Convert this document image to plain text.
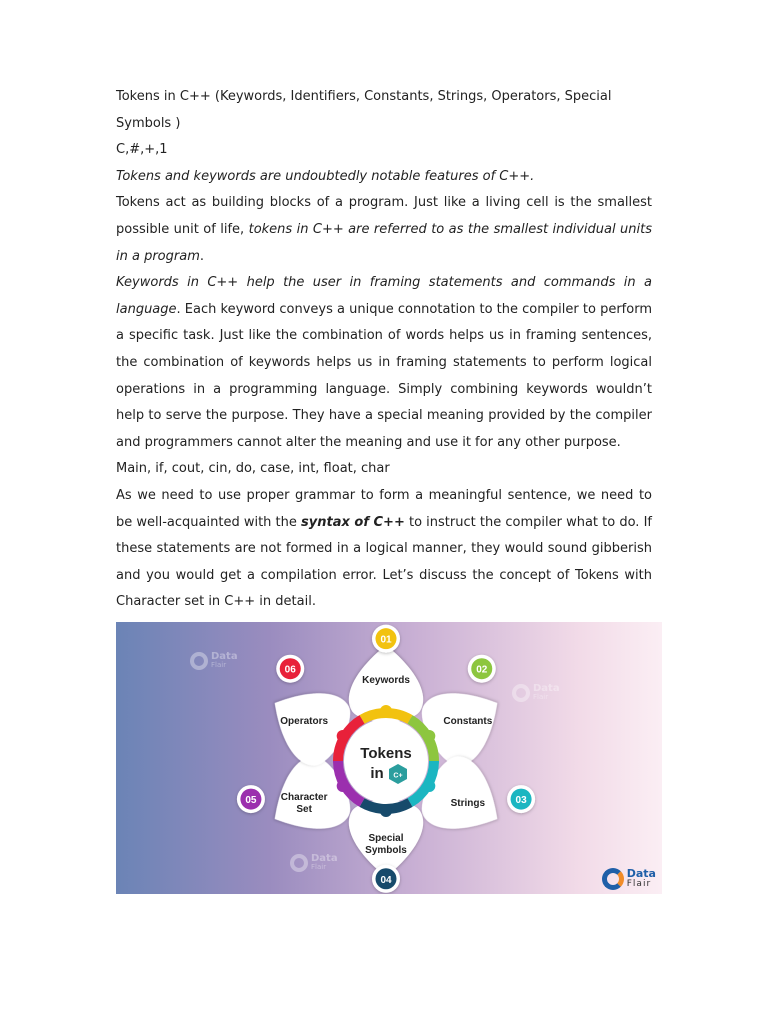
Tokens in C++ (Keywords, Identifiers, Constants, Strings, Operators, Special Symbols )

C,#,+,1

Tokens and keywords are undoubtedly notable features of C++.

Tokens act as building blocks of a program. Just like a living cell is the smallest possible unit of life, tokens in C++ are referred to as the smallest individual units in a program.

Keywords in C++ help the user in framing statements and commands in a language. Each keyword conveys a unique connotation to the compiler to perform a specific task. Just like the combination of words helps us in framing sentences, the combination of keywords helps us in framing statements to perform logical operations in a programming language. Simply combining keywords wouldn’t help to serve the purpose. They have a special meaning provided by the compiler and programmers cannot alter the meaning and use it for any other purpose.

Main, if, cout, cin, do, case, int, float, char

As we need to use proper grammar to form a meaningful sentence, we need to be well-acquainted with the syntax of C++ to instruct the compiler what to do. If these statements are not formed in a logical manner, they would sound gibberish and you would get a compilation error. Let’s discuss the concept of Tokens with Character set in C++ in detail.

Keywords
01
Constants
02
Strings	03
Special
Symbols
04
Character
Set
05
Operators
06
Tokens
in C+
Data
Flair
Data
Flair
Data
Flair	Data
Flair
